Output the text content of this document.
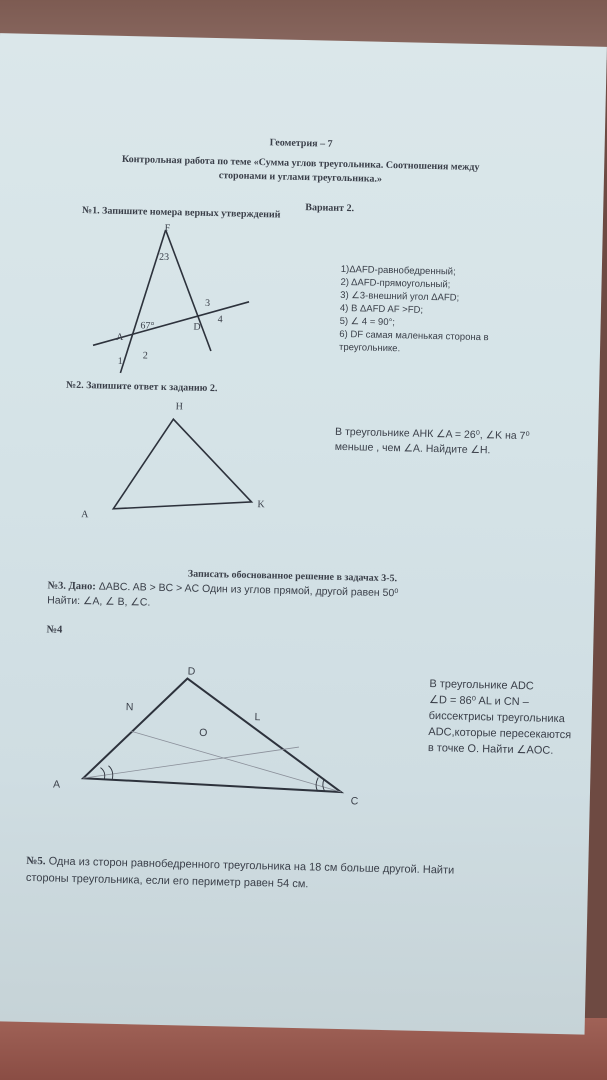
Геометрия – 7
Контрольная работа по теме «Сумма углов треугольника. Соотношения между
сторонами и углами треугольника.»
Вариант 2.
№1. Запишите номера верных утверждений
F
23
A
67°	D
1 2
3
4
1)ΔAFD-равнобедренный;
2) ΔAFD-прямоугольный;
3) ∠3-внешний угол ΔAFD;
4) В ΔAFD AF >FD;
5) ∠ 4 = 90°;
6) DF самая маленькая сторона в
треугольнике.
№2. Запишите ответ к заданию 2.
H
A
K
В треугольнике АНК ∠A = 26⁰, ∠K на 7⁰
меньше , чем ∠A. Найдите ∠H.
Записать обоснованное решение в задачах 3-5.
№3. Дано: ΔABC. AB > BC > AC Один из углов прямой, другой равен 50⁰
Найти: ∠A, ∠ B, ∠C.
№4
D
N
L
O
A
C
В треугольнике ADC
∠D = 86⁰ AL и CN –
биссектрисы треугольника
ADC,которые пересекаются
в точке O. Найти ∠AOC.
№5. Одна из сторон равнобедренного треугольника на 18 см больше другой. Найти
стороны треугольника, если его периметр равен 54 см.
